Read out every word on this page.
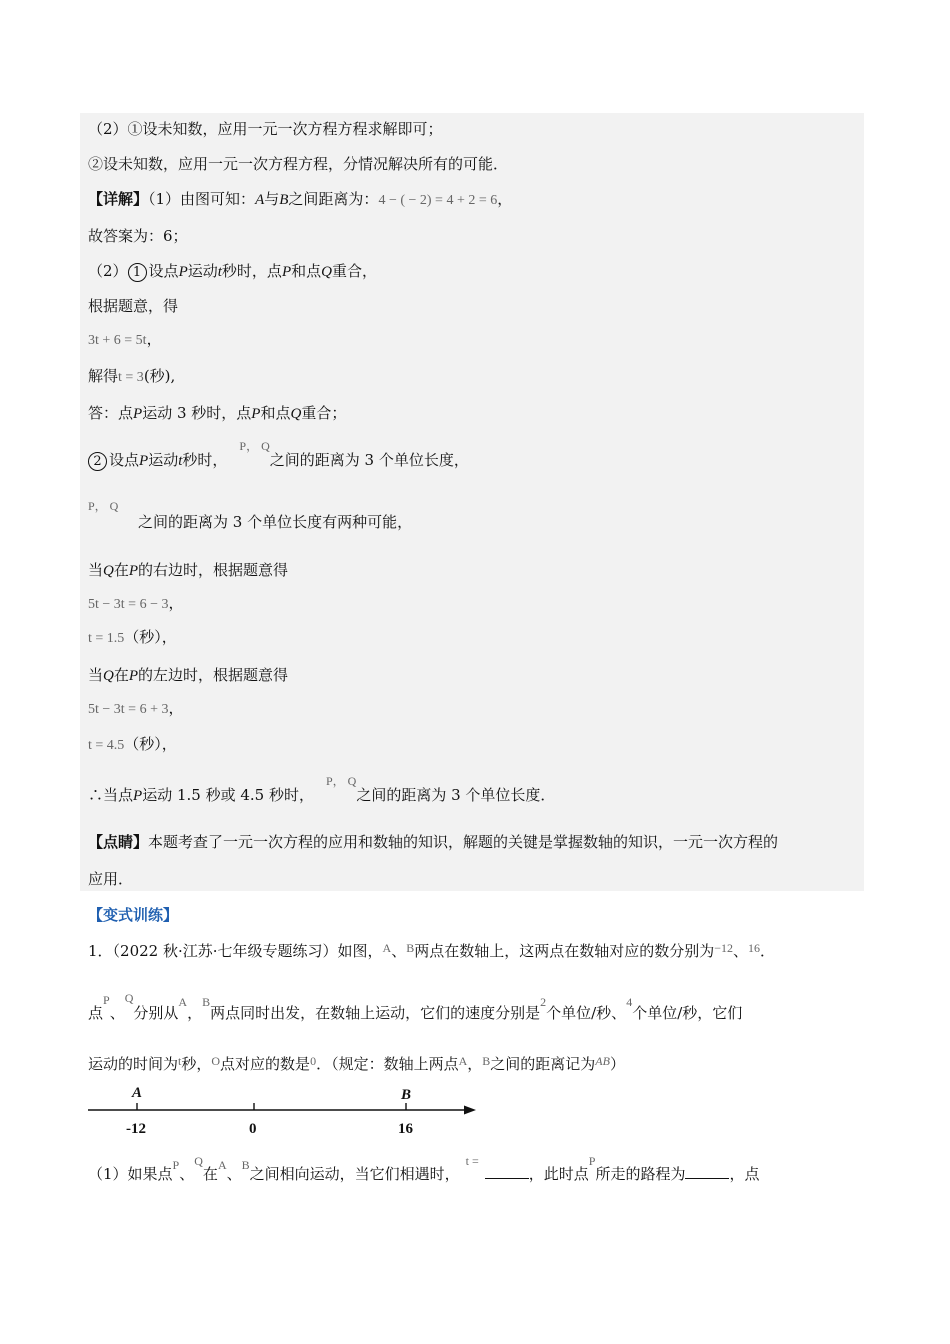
（2）①设未知数，应用一元一次方程方程求解即可；
②设未知数，应用一元一次方程方程，分情况解决所有的可能．
【详解】（1）由图可知：A与B之间距离为：4 − ( − 2) = 4 + 2 = 6，
故答案为：6；
（2） 1 设点P运动t秒时，点P和点Q重合，
根据题意，得
3t + 6 = 5t，
解得t = 3(秒),
答：点P运动 3 秒时，点P和点Q重合；
2 设点P运动t秒时，$^{P, Q}$之间的距离为 3 个单位长度，
P， Q
之间的距离为 3 个单位长度有两种可能，
当Q在P的右边时，根据题意得
5t − 3t = 6 − 3，
t = 1.5（秒），
当Q在P的左边时，根据题意得
5t − 3t = 6 + 3，
t = 4.5（秒），
∴当点P运动 1.5 秒或 4.5 秒时，$^{P, Q}$之间的距离为 3 个单位长度．
【点睛】本题考查了一元一次方程的应用和数轴的知识，解题的关键是掌握数轴的知识，一元一次方程的
应用．
【变式训练】
1．（2022 秋·江苏·七年级专题练习）如图，$^A$、$^B$两点在数轴上，这两点在数轴对应的数分别为$^{-12}$、$^{16}$．
点$^P$、$^Q$分别从$^A$，$^B$两点同时出发，在数轴上运动，它们的速度分别是$^2$个单位/秒、$^4$个单位/秒，它们
运动的时间为$^t$秒，$^O$点对应的数是$^0$．（规定：数轴上两点$^A$，$^B$之间的距离记为$^{AB}$）
A	B
-12	0	16
（1）如果点$^P$、$^Q$在$^A$、$^B$之间相向运动，当它们相遇时，$^{t =}$，此时点$^P$所走的路程为	，点
